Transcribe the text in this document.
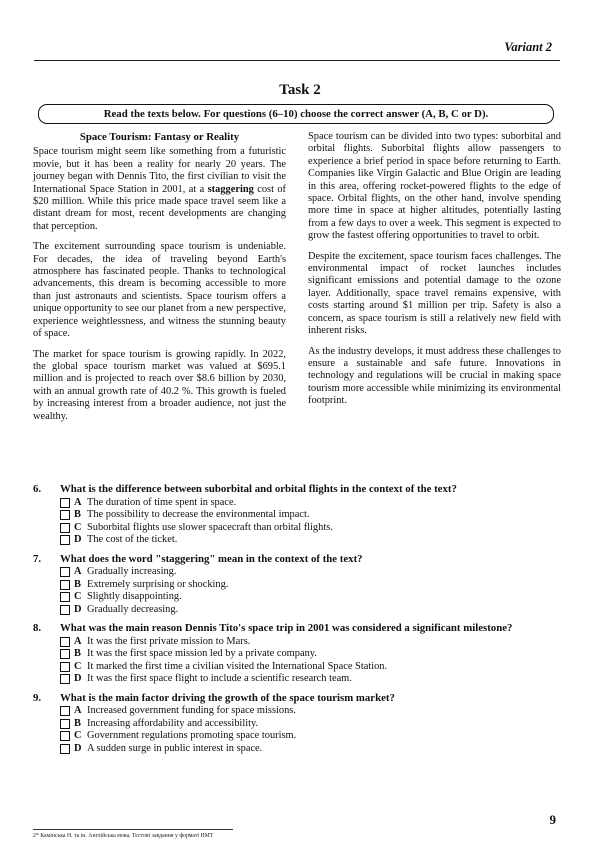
Variant 2
Task 2
Read the texts below. For questions (6–10) choose the correct answer (A, B, C or D).
Space Tourism: Fantasy or Reality

Space tourism might seem like something from a futuristic movie, but it has been a reality for nearly 20 years. The journey began with Dennis Tito, the first civilian to visit the International Space Station in 2001, at a staggering cost of $20 million. While this price made space travel seem like a distant dream for most, recent developments are changing that perception.

The excitement surrounding space tourism is undeniable. For decades, the idea of traveling beyond Earth's atmosphere has fascinated people. Thanks to technological advancements, this dream is becoming accessible to more than just astronauts and scientists. Space tourism offers a unique opportunity to see our planet from a new perspective, experience weightlessness, and witness the stunning beauty of space.

The market for space tourism is growing rapidly. In 2022, the global space tourism market was valued at $695.1 million and is projected to reach over $8.6 billion by 2030, with an annual growth rate of 40.2 %. This growth is fueled by increasing interest from a broader audience, not just the wealthy.

Space tourism can be divided into two types: suborbital and orbital flights. Suborbital flights allow passengers to experience a brief period in space before returning to Earth. Companies like Virgin Galactic and Blue Origin are leading in this area, offering rocket-powered flights to the edge of space. Orbital flights, on the other hand, involve spending more time in space at higher altitudes, potentially lasting from a few days to over a week. This segment is expected to grow the fastest offering opportunities to travel to orbit.

Despite the excitement, space tourism faces challenges. The environmental impact of rocket launches includes significant emissions and potential damage to the ozone layer. Additionally, space travel remains expensive, with costs starting around $1 million per trip. Safety is also a concern, as space tourism is still a relatively new field with inherent risks.

As the industry develops, it must address these challenges to ensure a sustainable and safe future. Innovations in technology and regulations will be crucial in making space tourism more accessible while minimizing its environmental footprint.

6.	What is the difference between suborbital and orbital flights in the context of the text?
A The duration of time spent in space.
B The possibility to decrease the environmental impact.
C Suborbital flights use slower spacecraft than orbital flights.
D The cost of the ticket.
7.	What does the word "staggering" mean in the context of the text?
A Gradually increasing.
B Extremely surprising or shocking.
C Slightly disappointing.
D Gradually decreasing.
8.	What was the main reason Dennis Tito's space trip in 2001 was considered a significant milestone?
A It was the first private mission to Mars.
B It was the first space mission led by a private company.
C It marked the first time a civilian visited the International Space Station.
D It was the first space flight to include a scientific research team.
9.	What is the main factor driving the growth of the space tourism market?
A Increased government funding for space missions.
B Increasing affordability and accessibility.
C Government regulations promoting space tourism.
D A sudden surge in public interest in space.
9
2* Камінська Н. та ін. Англійська мова. Тестові завдання у форматі НМТ
